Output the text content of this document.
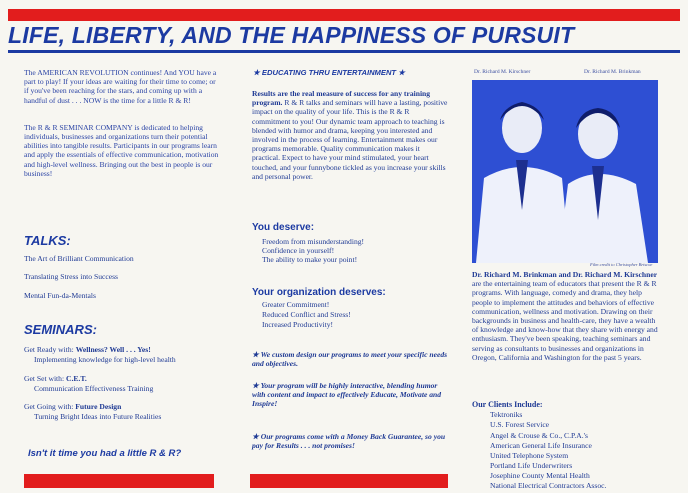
LIFE, LIBERTY, AND THE HAPPINESS OF PURSUIT

The AMERICAN REVOLUTION continues! And YOU have a part to play! If your ideas are waiting for their time to come; or if you've been reaching for the stars, and coming up with a handful of dust . . . NOW is the time for a little R & R!

The R & R SEMINAR COMPANY is dedicated to helping individuals, businesses and organizations turn their potential abilities into tangible results. Participants in our programs learn and apply the essentials of effective communication, motivation and high-level wellness. Bringing out the best in people is our business!

TALKS:
The Art of Brilliant Communication
Translating Stress into Success
Mental Fun-da-Mentals
SEMINARS:
Get Ready with: Wellness? Well . . . Yes!
Implementing knowledge for high-level health
Get Set with: C.E.T.
Communication Effectiveness Training
Get Going with: Future Design
Turning Bright Ideas into Future Realities
Isn't it time you had a little R & R?
★ EDUCATING THRU ENTERTAINMENT ★
Results are the real measure of success for any training program. R & R talks and seminars will have a lasting, positive impact on the quality of your life. This is the R & R commitment to you! Our dynamic team approach to teaching is blended with humor and drama, keeping you interested and involved in the process of learning. Entertainment makes our programs memorable. Quality communication makes it practical. Expect to have your mind stimulated, your heart touched, and your funnybone tickled as you increase your skills and personal power.
You deserve:
Freedom from misunderstanding!
Confidence in yourself!
The ability to make your point!
Your organization deserves:
Greater Commitment!
Reduced Conflict and Stress!
Increased Productivity!
★ We custom design our programs to meet your specific needs and objectives.
★ Your program will be highly interactive, blending humor with content and impact to effectively Educate, Motivate and Inspire!
★ Our programs come with a Money Back Guarantee, so you pay for Results . . . not promises!
Dr. Richard M. Kirschner	Dr. Richard M. Brinkman
Film credit to Christopher Briscoe
Dr. Richard M. Brinkman and Dr. Richard M. Kirschner are the entertaining team of educators that present the R & R programs. With language, comedy and drama, they help people to implement the attitudes and behaviors of effective communication, wellness and motivation. Drawing on their backgrounds in business and health-care, they have a wealth of knowledge and know-how that they share with energy and enthusiasm. They've been speaking, teaching seminars and serving as consultants to businesses and organizations in Oregon, California and Washington for the past 5 years.
Our Clients Include:
Tektroniks
U.S. Forest Service
Angel & Crouse & Co., C.P.A.'s
American General Life Insurance
United Telephone System
Portland Life Underwriters
Josephine County Mental Health
National Electrical Contractors Assoc.
